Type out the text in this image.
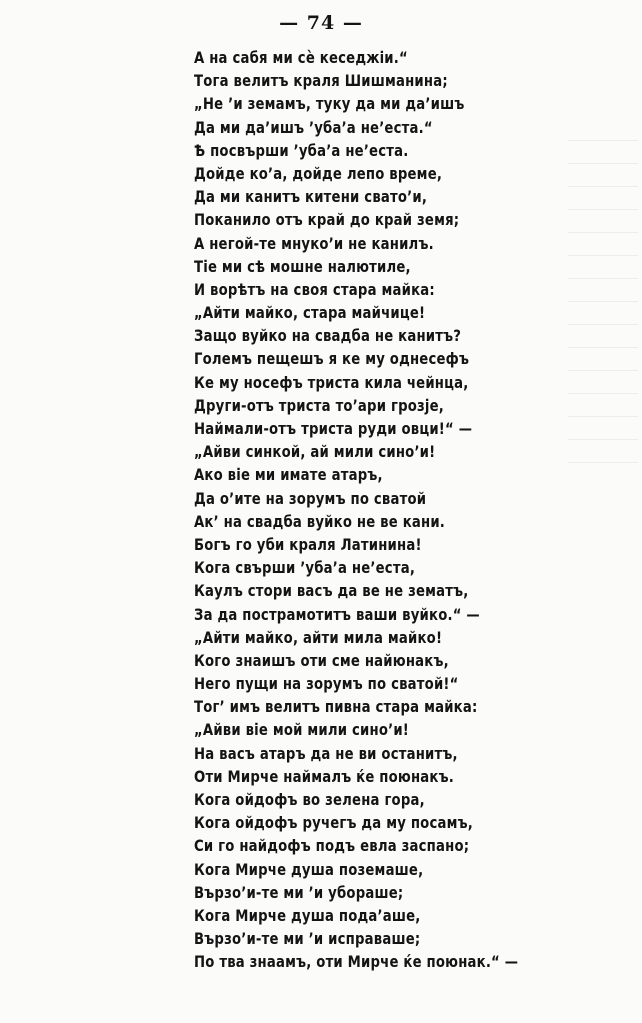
— 74 —
А на сабя ми сѐ кеседжіи.“
Тога велитъ краля Шишманина;
„Не ’и земамъ, туку да ми да’ишъ
Да ми да’ишъ ’уба’а не’еста.“
Ѣ посвърши ’уба’а не’еста.
Дойде ко’а, дойде лепо време,
Да ми канитъ китени свато’и,
Поканило отъ край до край земя;
А негой-те мнуко’и не канилъ.
Тіе ми сѣ мошне налютиле,
И ворѣтъ на своя стара майка:
„Айти майко, стара майчице!
Защо вуйко на свадба не канитъ?
Големъ пещешъ я ке му однесефъ
Ке му носефъ триста кила чейнца,
Други-отъ триста то’ари грозје,
Наймали-отъ триста руди овци!“ —
„Айви синкой, ай мили сино’и!
Ако віе ми имате атаръ,
Да о’ите на зорумъ по сватой
Ак’ на свадба вуйко не ве кани.
Богъ го уби краля Латинина!
Кога свърши ’уба’а не’еста,
Каулъ стори васъ да ве не зематъ,
За да пострамотитъ ваши вуйко.“ —
„Айти майко, айти мила майко!
Кого знаишъ оти сме найюнакъ,
Него пущи на зорумъ по сватой!“
Тог’ имъ велитъ пивна стара майка:
„Айви віе мой мили сино’и!
На васъ атаръ да не ви останитъ,
Оти Мирче наймалъ ќе поюнакъ.
Кога ойдофъ во зелена гора,
Кога ойдофъ ручегъ да му посамъ,
Си го найдофъ подъ евла заспано;
Кога Мирче душа поземаше,
Вързо’и-те ми ’и убораше;
Кога Мирче душа пода’аше,
Вързо’и-те ми ’и исправаше;
По тва знаамъ, оти Мирче ќе поюнак.“ —
